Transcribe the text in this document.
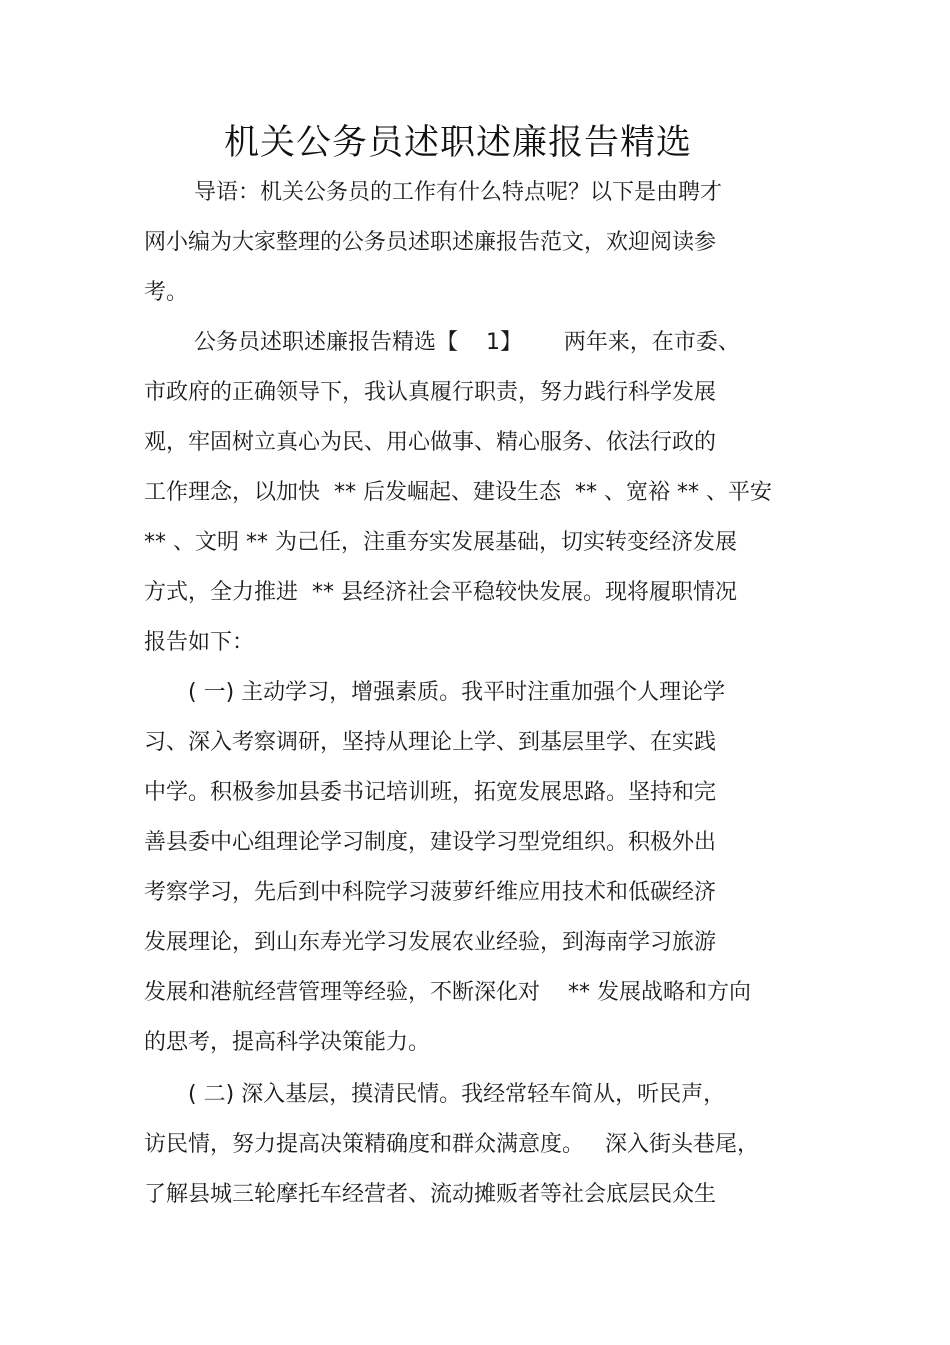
机关公务员述职述廉报告精选
导语：机关公务员的工作有什么特点呢？以下是由聘才
网小编为大家整理的公务员述职述廉报告范文，欢迎阅读参
考。
公务员述职述廉报告精选【    1】      两年来，在市委、
市政府的正确领导下，我认真履行职责，努力践行科学发展
观，牢固树立真心为民、用心做事、精心服务、依法行政的
工作理念，以加快  ** 后发崛起、建设生态  ** 、宽裕 ** 、平安
** 、文明 ** 为己任，注重夯实发展基础，切实转变经济发展
方式，全力推进  ** 县经济社会平稳较快发展。现将履职情况
报告如下：
( 一) 主动学习，增强素质。我平时注重加强个人理论学
习、深入考察调研，坚持从理论上学、到基层里学、在实践
中学。积极参加县委书记培训班，拓宽发展思路。坚持和完
善县委中心组理论学习制度，建设学习型党组织。积极外出
考察学习，先后到中科院学习菠萝纤维应用技术和低碳经济
发展理论，到山东寿光学习发展农业经验，到海南学习旅游
发展和港航经营管理等经验，不断深化对    ** 发展战略和方向
的思考，提高科学决策能力。
( 二) 深入基层，摸清民情。我经常轻车简从，听民声，
访民情，努力提高决策精确度和群众满意度。   深入街头巷尾，
了解县城三轮摩托车经营者、流动摊贩者等社会底层民众生
